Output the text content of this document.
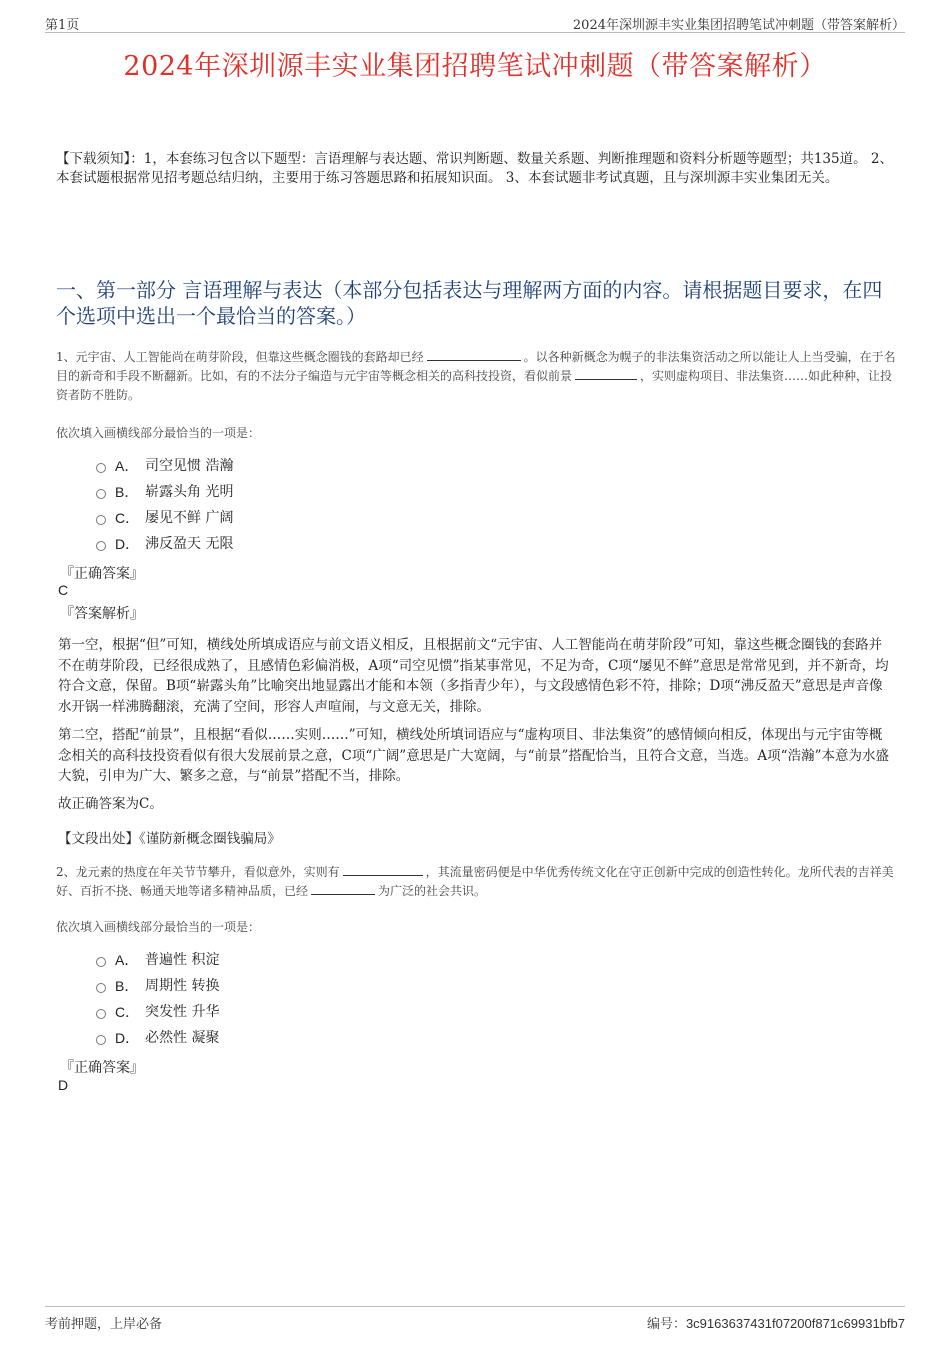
第1页	2024年深圳源丰实业集团招聘笔试冲刺题（带答案解析）
2024年深圳源丰实业集团招聘笔试冲刺题（带答案解析）
【下载须知】：1，本套练习包含以下题型：言语理解与表达题、常识判断题、数量关系题、判断推理题和资料分析题等题型；共135道。 2、本套试题根据常见招考题总结归纳，主要用于练习答题思路和拓展知识面。 3、本套试题非考试真题，且与深圳源丰实业集团无关。
一、第一部分 言语理解与表达（本部分包括表达与理解两方面的内容。请根据题目要求，在四个选项中选出一个最恰当的答案。）
1、元宇宙、人工智能尚在萌芽阶段，但靠这些概念圈钱的套路却已经	。以各种新概念为幌子的非法集资活动之所以能让人上当受骗，在于名目的新奇和手段不断翻新。比如，有的不法分子编造与元宇宙等概念相关的高科技投资，看似前景	，实则虚构项目、非法集资……如此种种，让投资者防不胜防。
依次填入画横线部分最恰当的一项是：
A． 司空见惯 浩瀚
B． 崭露头角 光明
C． 屡见不鲜 广阔
D． 沸反盈天 无限
『正确答案』
C
『答案解析』
第一空，根据“但”可知，横线处所填成语应与前文语义相反，且根据前文“元宇宙、人工智能尚在萌芽阶段”可知，靠这些概念圈钱的套路并不在萌芽阶段，已经很成熟了，且感情色彩偏消极，A项“司空见惯”指某事常见，不足为奇，C项“屡见不鲜”意思是常常见到，并不新奇，均符合文意，保留。B项“崭露头角”比喻突出地显露出才能和本领（多指青少年），与文段感情色彩不符，排除；D项“沸反盈天”意思是声音像水开锅一样沸腾翻滚，充满了空间，形容人声喧闹，与文意无关，排除。
第二空，搭配“前景”，且根据“看似……实则……”可知，横线处所填词语应与“虚构项目、非法集资”的感情倾向相反，体现出与元宇宙等概念相关的高科技投资看似有很大发展前景之意，C项“广阔”意思是广大宽阔，与“前景”搭配恰当，且符合文意，当选。A项“浩瀚”本意为水盛大貌，引申为广大、繁多之意，与“前景”搭配不当，排除。
故正确答案为C。
【文段出处】《谨防新概念圈钱骗局》
2、龙元素的热度在年关节节攀升，看似意外，实则有	，其流量密码便是中华优秀传统文化在守正创新中完成的创造性转化。龙所代表的吉祥美好、百折不挠、畅通天地等诸多精神品质，已经	为广泛的社会共识。
依次填入画横线部分最恰当的一项是：
A． 普遍性 积淀
B． 周期性 转换
C． 突发性 升华
D． 必然性 凝聚
『正确答案』
D
考前押题，上岸必备	编号：3c9163637431f07200f871c69931bfb7
